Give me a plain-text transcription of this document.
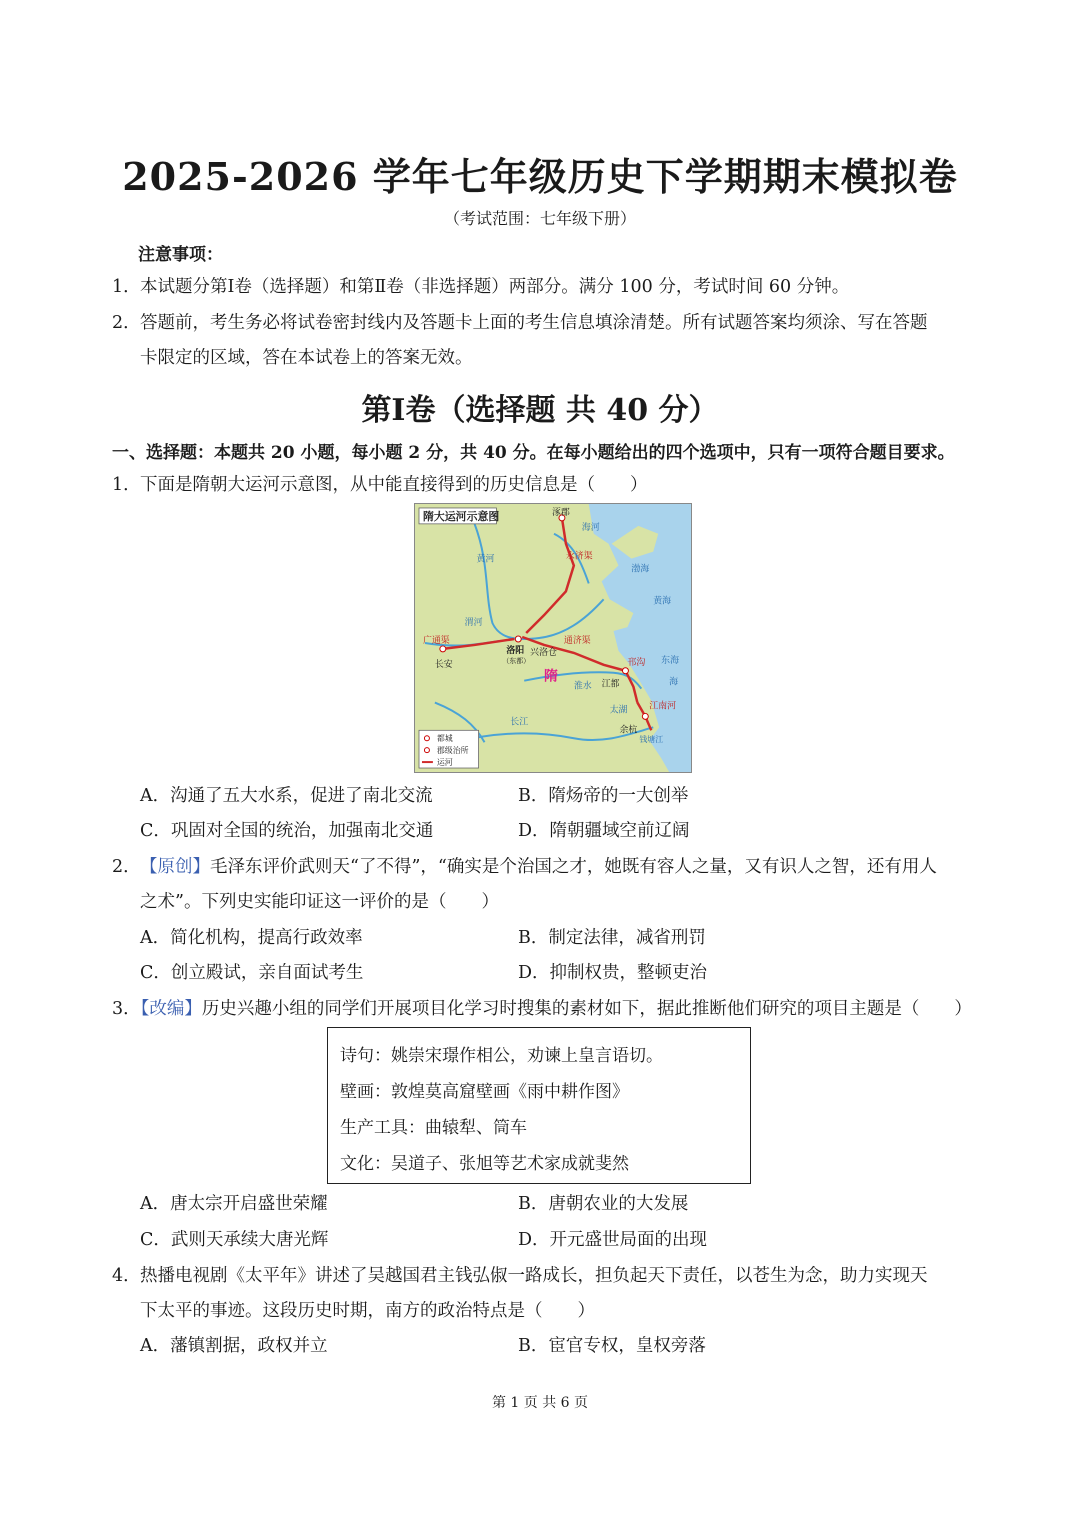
2025-2026 学年七年级历史下学期期末模拟卷
（考试范围：七年级下册）
注意事项：
1．本试题分第Ⅰ卷（选择题）和第Ⅱ卷（非选择题）两部分。满分 100 分，考试时间 60 分钟。
2．答题前，考生务必将试卷密封线内及答题卡上面的考生信息填涂清楚。所有试题答案均须涂、写在答题
卡限定的区域，答在本试卷上的答案无效。
第Ⅰ卷（选择题 共 40 分）
一、选择题：本题共 20 小题，每小题 2 分，共 40 分。在每小题给出的四个选项中，只有一项符合题目要求。
1．下面是隋朝大运河示意图，从中能直接得到的历史信息是（　　）
隋大运河示意图	涿郡
海河
永济渠
黄河
渤海
黄海
东海
海
渭河
广通渠
长安
洛阳
（东都）
兴洛仓
通济渠
隋
淮水
邗沟
江都
长江
江南河
太湖
余杭
钱塘江
都城
郡级治所
运河
A．沟通了五大水系，促进了南北交流	B．隋炀帝的一大创举
C．巩固对全国的统治，加强南北交通	D．隋朝疆域空前辽阔
2．【原创】毛泽东评价武则天“了不得”，“确实是个治国之才，她既有容人之量，又有识人之智，还有用人
之术”。下列史实能印证这一评价的是（　　）
A．简化机构，提高行政效率	B．制定法律，减省刑罚
C．创立殿试，亲自面试考生	D．抑制权贵，整顿吏治
3．【改编】历史兴趣小组的同学们开展项目化学习时搜集的素材如下，据此推断他们研究的项目主题是（　　）
诗句：姚崇宋璟作相公，劝谏上皇言语切。
壁画：敦煌莫高窟壁画《雨中耕作图》
生产工具：曲辕犁、筒车
文化：吴道子、张旭等艺术家成就斐然
A．唐太宗开启盛世荣耀	B．唐朝农业的大发展
C．武则天承续大唐光辉	D．开元盛世局面的出现
4．热播电视剧《太平年》讲述了吴越国君主钱弘俶一路成长，担负起天下责任，以苍生为念，助力实现天
下太平的事迹。这段历史时期，南方的政治特点是（　　）
A．藩镇割据，政权并立	B．宦官专权，皇权旁落
第 1 页 共 6 页
